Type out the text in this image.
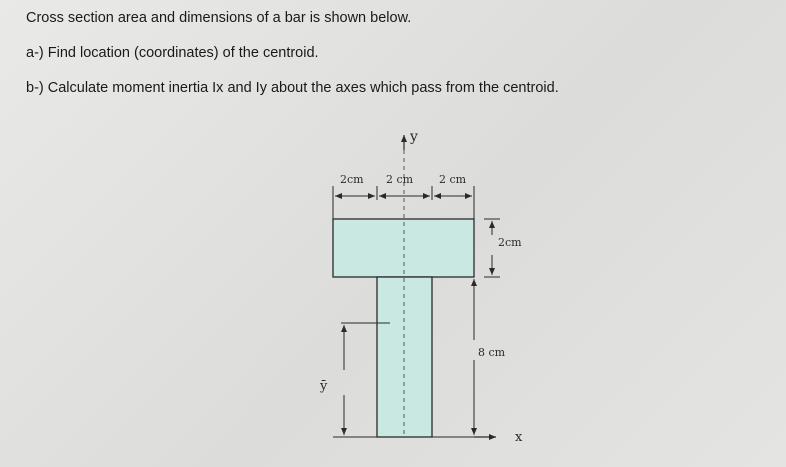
Cross section area and dimensions of a bar is shown below.
a-) Find location (coordinates) of the centroid.
b-) Calculate moment inertia Ix and Iy about the axes which pass from the centroid.
y
2cm 2 cm 2 cm
2cm
8 cm
x
ȳ
